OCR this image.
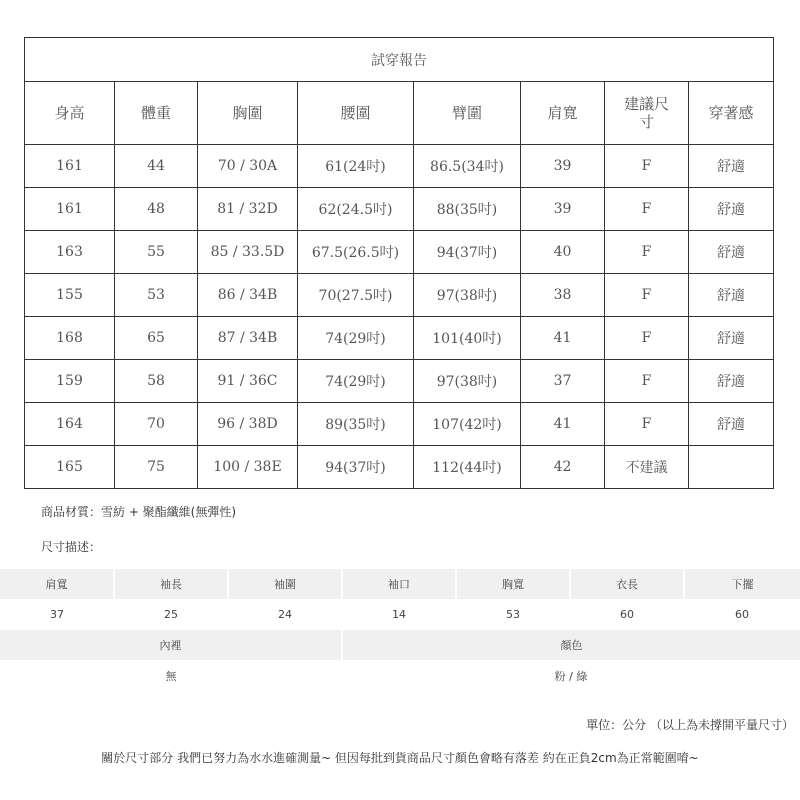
試穿報告							
身高	體重	胸圍	腰圍	臂圍	肩寬	建議尺寸	穿著感
161	44	70 / 30A	61(24吋)	86.5(34吋)	39	F	舒適
161	48	81 / 32D	62(24.5吋)	88(35吋)	39	F	舒適
163	55	85 / 33.5D	67.5(26.5吋)	94(37吋)	40	F	舒適
155	53	86 / 34B	70(27.5吋)	97(38吋)	38	F	舒適
168	65	87 / 34B	74(29吋)	101(40吋)	41	F	舒適
159	58	91 / 36C	74(29吋)	97(38吋)	37	F	舒適
164	70	96 / 38D	89(35吋)	107(42吋)	41	F	舒適
165	75	100 / 38E	94(37吋)	112(44吋)	42	不建議	
商品材質：雪紡 + 聚酯纖維(無彈性)
尺寸描述：
肩寬	袖長	袖圍	袖口	胸寬	衣長	下擺
37	25	24	14	53	60	60
內裡			顏色			
無			粉 / 綠			
單位：公分 （以上為未撐開平量尺寸）
關於尺寸部分 我們已努力為水水進確測量~ 但因每批到貨商品尺寸顏色會略有落差 約在正負2cm為正常範圍唷~
